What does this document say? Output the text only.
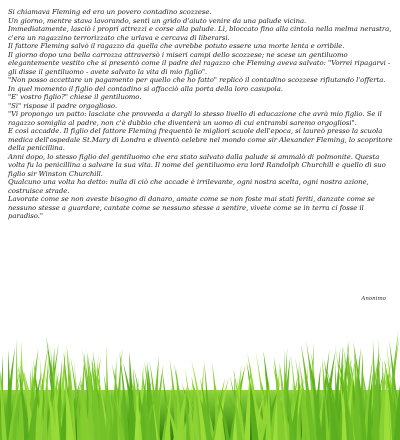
Si chiamava Fleming ed era un povero contadino scozzese.

Un giorno, mentre stava lavorando, sentì un grido d'aiuto venire da una palude vicina.

Immediatamente, lasciò i propri attrezzi e corse alla palude. Lì, bloccato fino alla cintola nella melma nerastra, c'era un ragazzino terrorizzato che urlava e cercava di liberarsi.

Il fattore Fleming salvò il ragazzo da quella che avrebbe potuto essere una morte lenta e orribile.

Il giorno dopo una bella carrozza attraversò i miseri campi dello scozzese; ne scese un gentiluomo elegantemente vestito che si presentò come il padre del ragazzo che Fleming aveva salvato: "Vorrei ripagarvi - gli disse il gentiluomo - avete salvato la vita di mio figlio".

"Non posso accettare un pagamento per quello che ho fatto" replicò il contadino scozzese rifiutando l'offerta.

In quel momento il figlio del contadino si affacciò alla porta della loro casupola.

"E' vostro figlio?" chiese il gentiluomo.

"Sì" rispose il padre orgoglioso.

"Vi propongo un patto: lasciate che provveda a dargli lo stesso livello di educazione che avrà mio figlio. Se il ragazzo somiglia al padre, non c'è dubbio che diventerà un uomo di cui entrambi saremo orgogliosi".

E così accadde. Il figlio del fattore Fleming frequentò le migliori scuole dell'epoca, si laureò presso la scuola medica dell'ospedale St.Mary di Londra e diventò celebre nel mondo come sir Alexander Fleming, lo scopritore della penicillina.

Anni dopo, lo stesso figlio del gentiluomo che era stato salvato dalla palude si ammalò di polmonite. Questa volta fu la penicillina a salvare la sua vita. Il nome del gentiluomo era lord Randolph Churchill e quello di suo figlio sir Winston Churchill.

Qualcuno una volta ha detto: nulla di ciò che accade è irrilevante, ogni nostra scelta, ogni nostra azione, costruisce strade.

Lavorate come se non aveste bisogno di danaro, amate come se non foste mai stati feriti, danzate come se nessuno stesse a guardare, cantate come se nessuno stesse a sentire, vivete come se in terra ci fosse il paradiso."

Anonimo
